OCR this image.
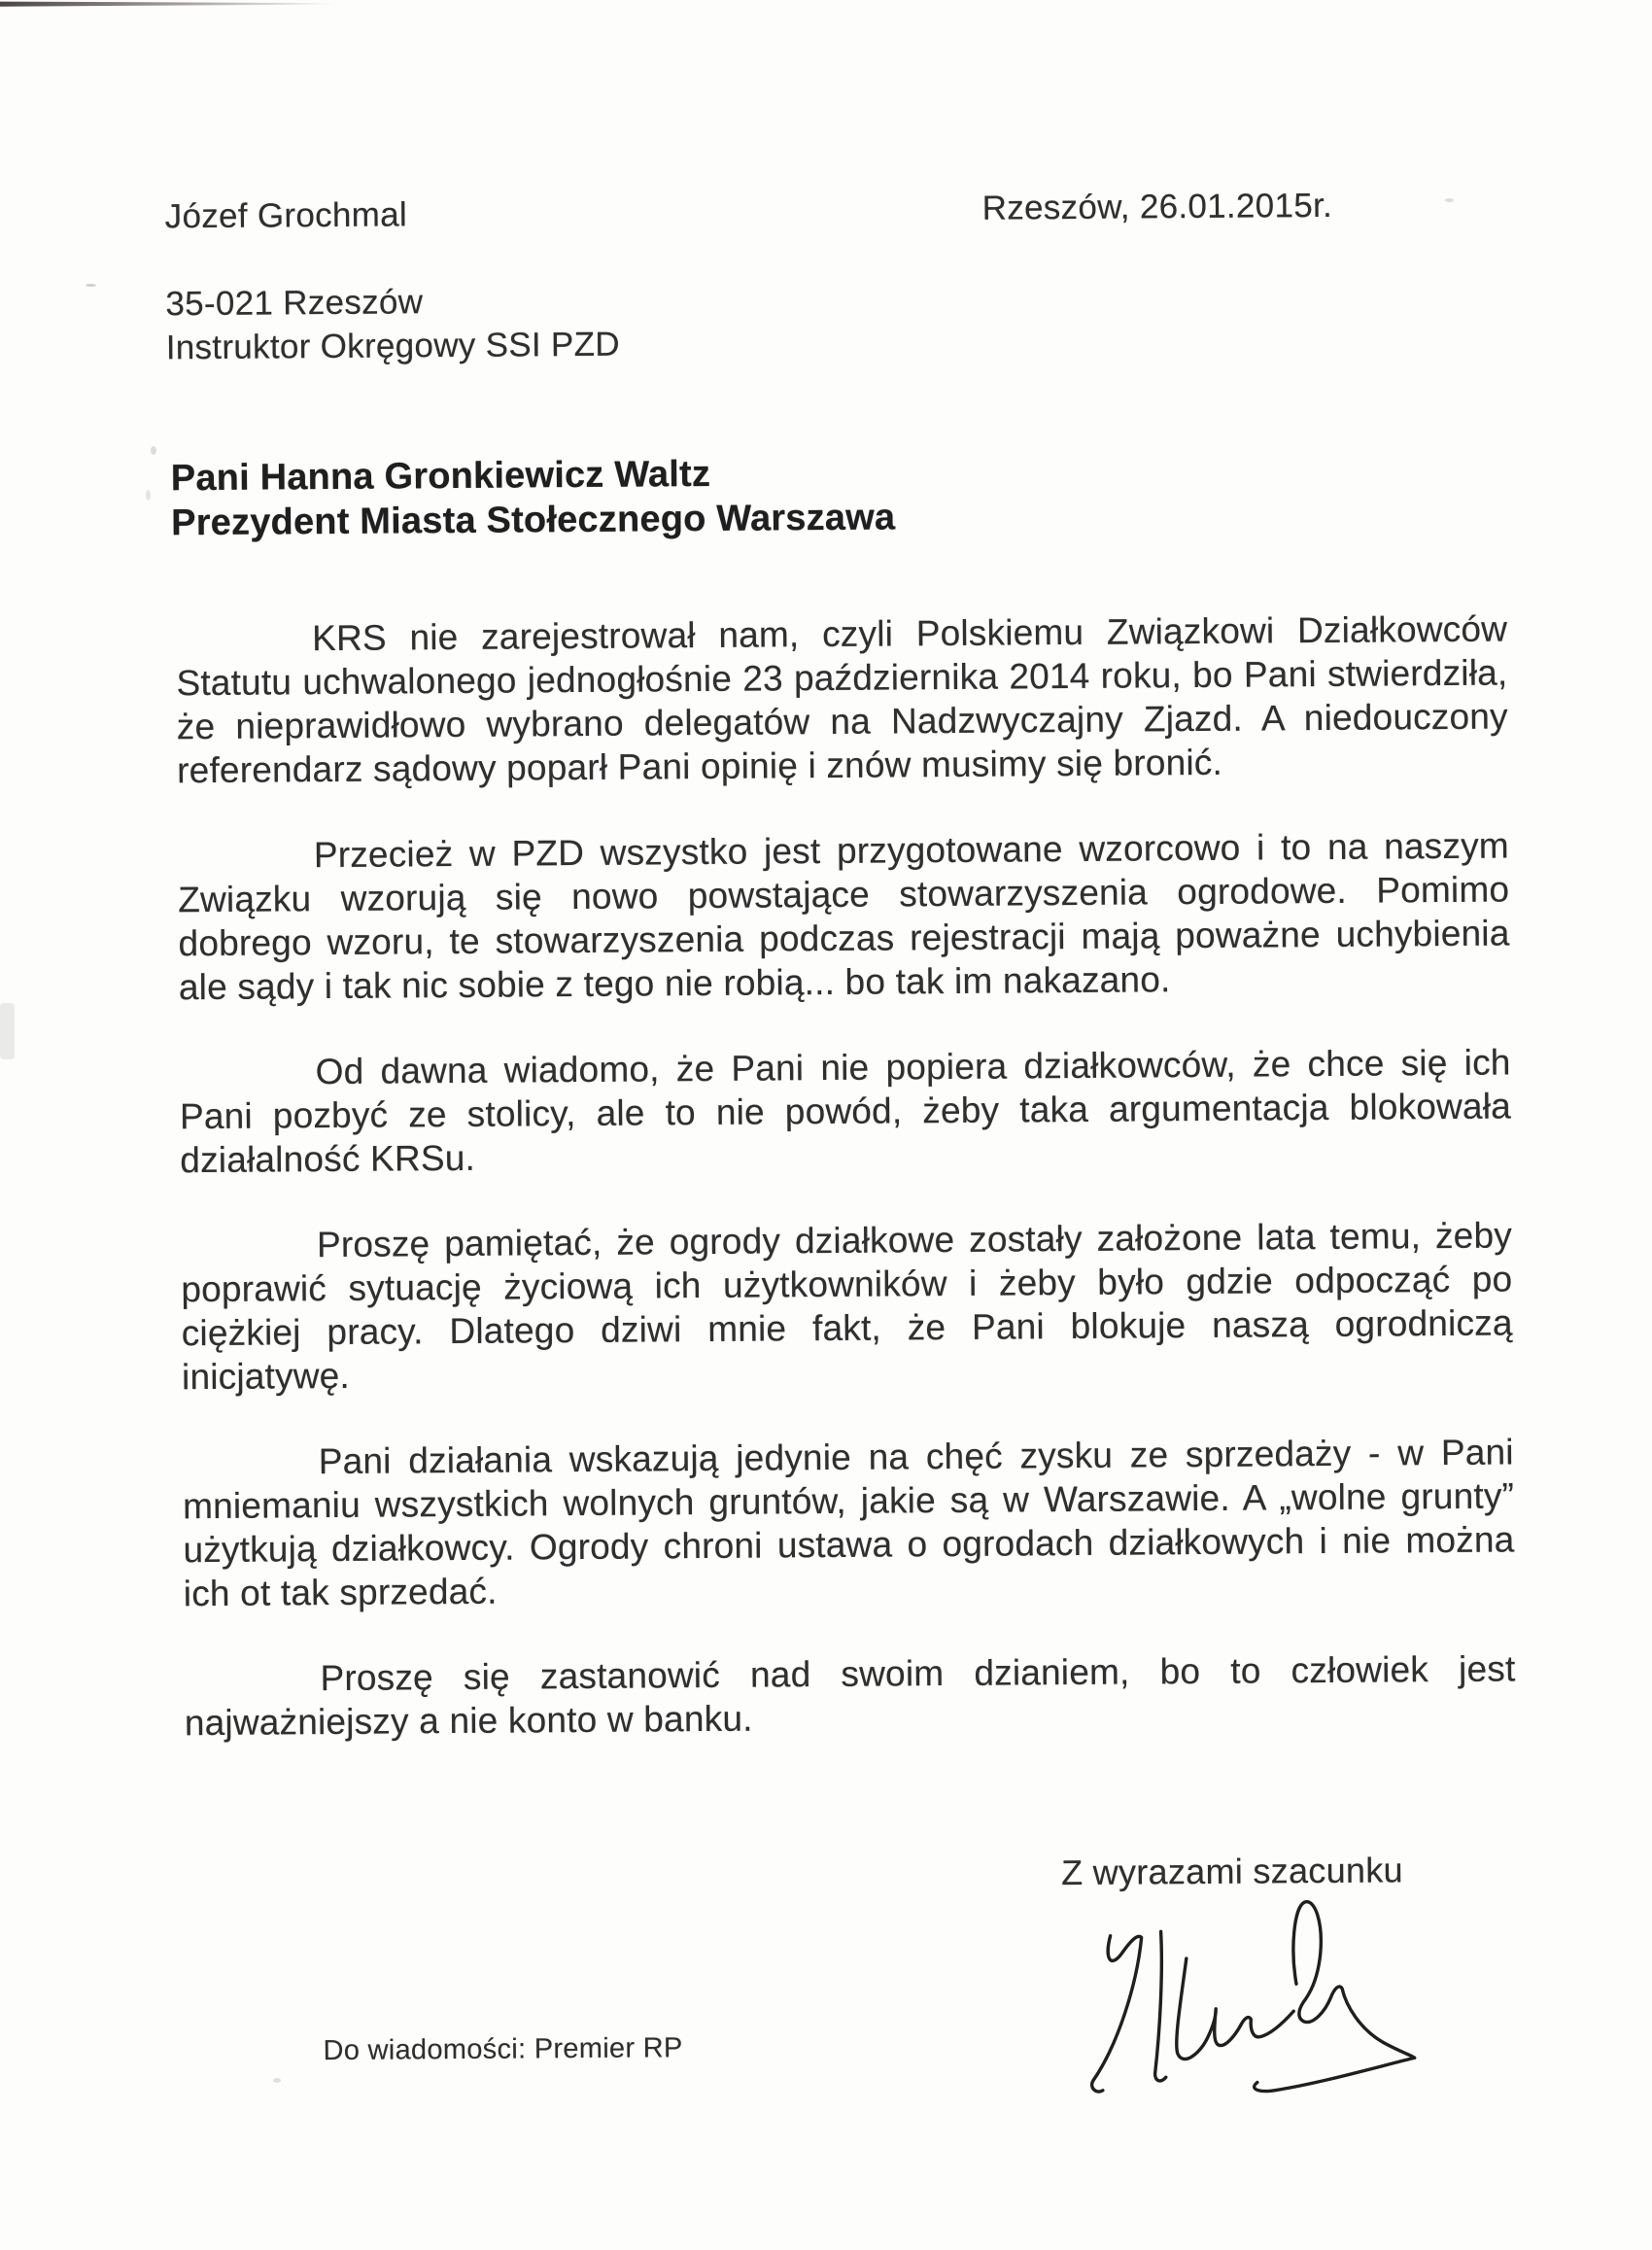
Józef Grochmal	Rzeszów, 26.01.2015r.
35-021 Rzeszów
Instruktor Okręgowy SSI PZD
Pani Hanna Gronkiewicz Waltz
Prezydent Miasta Stołecznego Warszawa

KRS nie zarejestrował nam, czyli Polskiemu Związkowi Działkowców Statutu uchwalonego jednogłośnie 23 października 2014 roku, bo Pani stwierdziła, że nieprawidłowo wybrano delegatów na Nadzwyczajny Zjazd. A niedouczony referendarz sądowy poparł Pani opinię i znów musimy się bronić.

Przecież w PZD wszystko jest przygotowane wzorcowo i to na naszym Związku wzorują się nowo powstające stowarzyszenia ogrodowe. Pomimo dobrego wzoru, te stowarzyszenia podczas rejestracji mają poważne uchybienia ale sądy i tak nic sobie z tego nie robią... bo tak im nakazano.

Od dawna wiadomo, że Pani nie popiera działkowców, że chce się ich Pani pozbyć ze stolicy, ale to nie powód, żeby taka argumentacja blokowała działalność KRSu.

Proszę pamiętać, że ogrody działkowe zostały założone lata temu, żeby poprawić sytuację życiową ich użytkowników i żeby było gdzie odpocząć po ciężkiej pracy. Dlatego dziwi mnie fakt, że Pani blokuje naszą ogrodniczą inicjatywę.

Pani działania wskazują jedynie na chęć zysku ze sprzedaży - w Pani mniemaniu wszystkich wolnych gruntów, jakie są w Warszawie. A „wolne grunty” użytkują działkowcy. Ogrody chroni ustawa o ogrodach działkowych i nie można ich ot tak sprzedać.

Proszę się zastanowić nad swoim dzianiem, bo to człowiek jest najważniejszy a nie konto w banku.

Z wyrazami szacunku
Do wiadomości: Premier RP
